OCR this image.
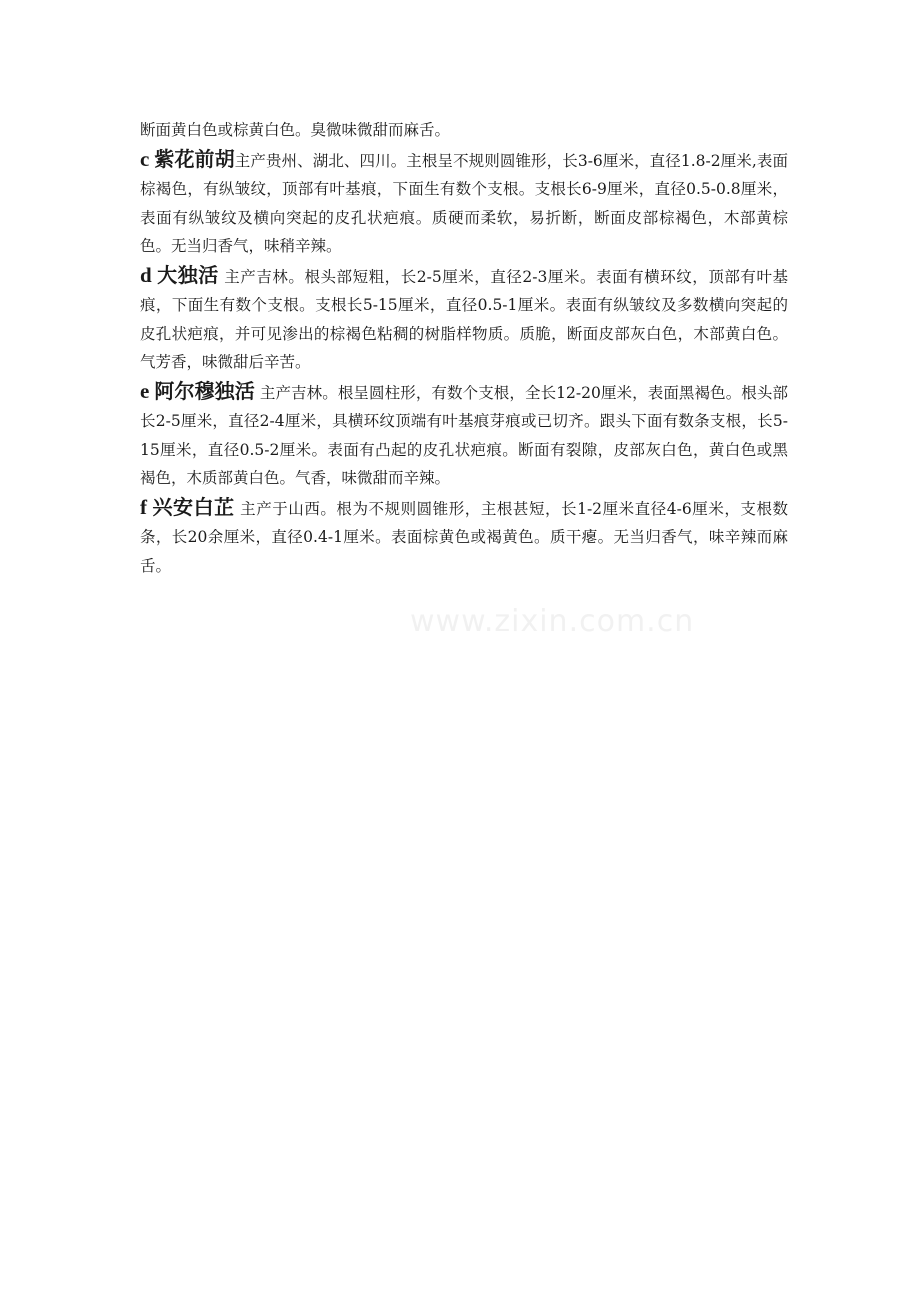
断面黄白色或棕黄白色。臭微味微甜而麻舌。

c 紫花前胡主产贵州、湖北、四川。主根呈不规则圆锥形，长3-6厘米，直径1.8-2厘米,表面棕褐色，有纵皱纹，顶部有叶基痕，下面生有数个支根。支根长6-9厘米，直径0.5-0.8厘米，表面有纵皱纹及横向突起的皮孔状疤痕。质硬而柔软，易折断，断面皮部棕褐色，木部黄棕色。无当归香气，味稍辛辣。

d 大独活 主产吉林。根头部短粗，长2-5厘米，直径2-3厘米。表面有横环纹，顶部有叶基痕，下面生有数个支根。支根长5-15厘米，直径0.5-1厘米。表面有纵皱纹及多数横向突起的皮孔状疤痕，并可见渗出的棕褐色粘稠的树脂样物质。质脆，断面皮部灰白色，木部黄白色。气芳香，味微甜后辛苦。

e 阿尔穆独活 主产吉林。根呈圆柱形，有数个支根，全长12-20厘米，表面黑褐色。根头部长2-5厘米，直径2-4厘米，具横环纹顶端有叶基痕芽痕或已切齐。跟头下面有数条支根，长5-15厘米，直径0.5-2厘米。表面有凸起的皮孔状疤痕。断面有裂隙，皮部灰白色，黄白色或黑褐色，木质部黄白色。气香，味微甜而辛辣。

f 兴安白芷 主产于山西。根为不规则圆锥形，主根甚短，长1-2厘米直径4-6厘米，支根数条，长20余厘米，直径0.4-1厘米。表面棕黄色或褐黄色。质干瘪。无当归香气，味辛辣而麻舌。

www.zixin.com.cn
